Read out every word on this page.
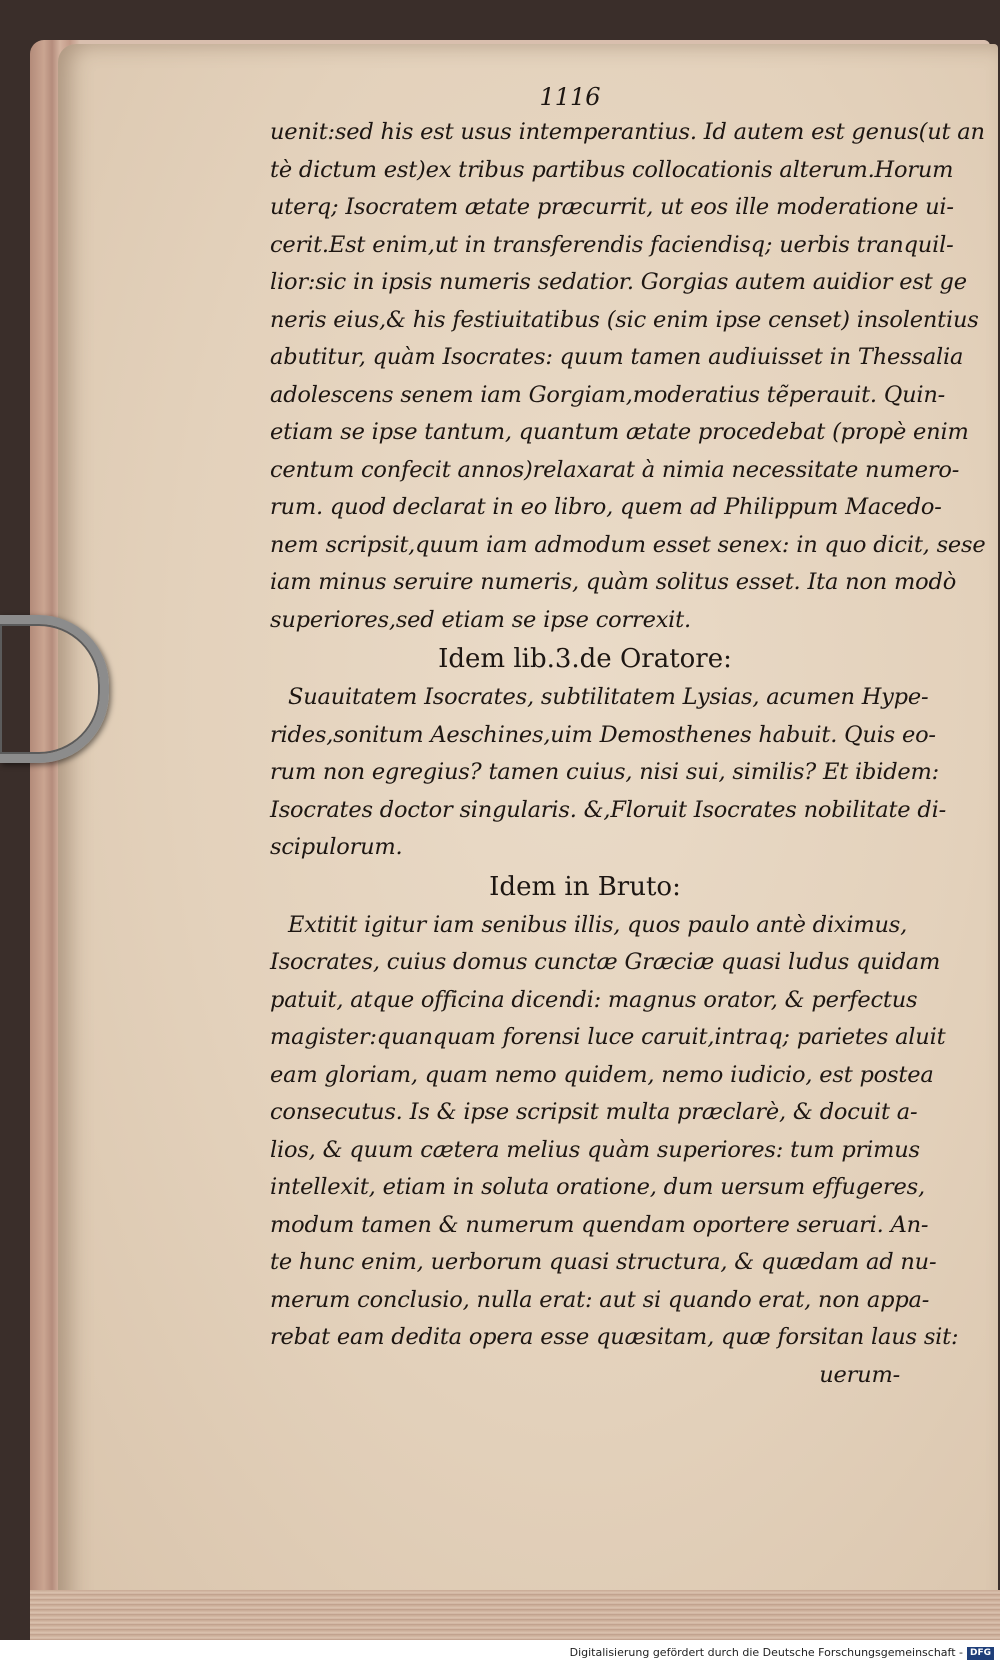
1116
uenit:sed his est usus intemperantius. Id autem est genus(ut an
tè dictum est)ex tribus partibus collocationis alterum.Horum
uterq; Isocratem ætate præcurrit, ut eos ille moderatione ui-
cerit.Est enim,ut in transferendis faciendisq; uerbis tranquil-
lior:sic in ipsis numeris sedatior. Gorgias autem auidior est ge
neris eius,& his festiuitatibus (sic enim ipse censet) insolentius
abutitur, quàm Isocrates: quum tamen audiuisset in Thessalia
adolescens senem iam Gorgiam,moderatius tẽperauit. Quin-
etiam se ipse tantum, quantum ætate procedebat (propè enim
centum confecit annos)relaxarat à nimia necessitate numero-
rum. quod declarat in eo libro, quem ad Philippum Macedo-
nem scripsit,quum iam admodum esset senex: in quo dicit, sese
iam minus seruire numeris, quàm solitus esset. Ita non modò
superiores,sed etiam se ipse correxit.
Idem lib.3.de Oratore:
Suauitatem Isocrates, subtilitatem Lysias, acumen Hype-
rides,sonitum Aeschines,uim Demosthenes habuit. Quis eo-
rum non egregius? tamen cuius, nisi sui, similis? Et ibidem:
Isocrates doctor singularis. &,Floruit Isocrates nobilitate di-
scipulorum.
Idem in Bruto:
Extitit igitur iam senibus illis, quos paulo antè diximus,
Isocrates, cuius domus cunctæ Græciæ quasi ludus quidam
patuit, atque officina dicendi: magnus orator, & perfectus
magister:quanquam forensi luce caruit,intraq; parietes aluit
eam gloriam, quam nemo quidem, nemo iudicio, est postea
consecutus. Is & ipse scripsit multa præclarè, & docuit a-
lios, & quum cætera melius quàm superiores: tum primus
intellexit, etiam in soluta oratione, dum uersum effugeres,
modum tamen & numerum quendam oportere seruari. An-
te hunc enim, uerborum quasi structura, & quædam ad nu-
merum conclusio, nulla erat: aut si quando erat, non appa-
rebat eam dedita opera esse quæsitam, quæ forsitan laus sit:
uerum-
Digitalisierung gefördert durch die Deutsche Forschungsgemeinschaft - DFG
